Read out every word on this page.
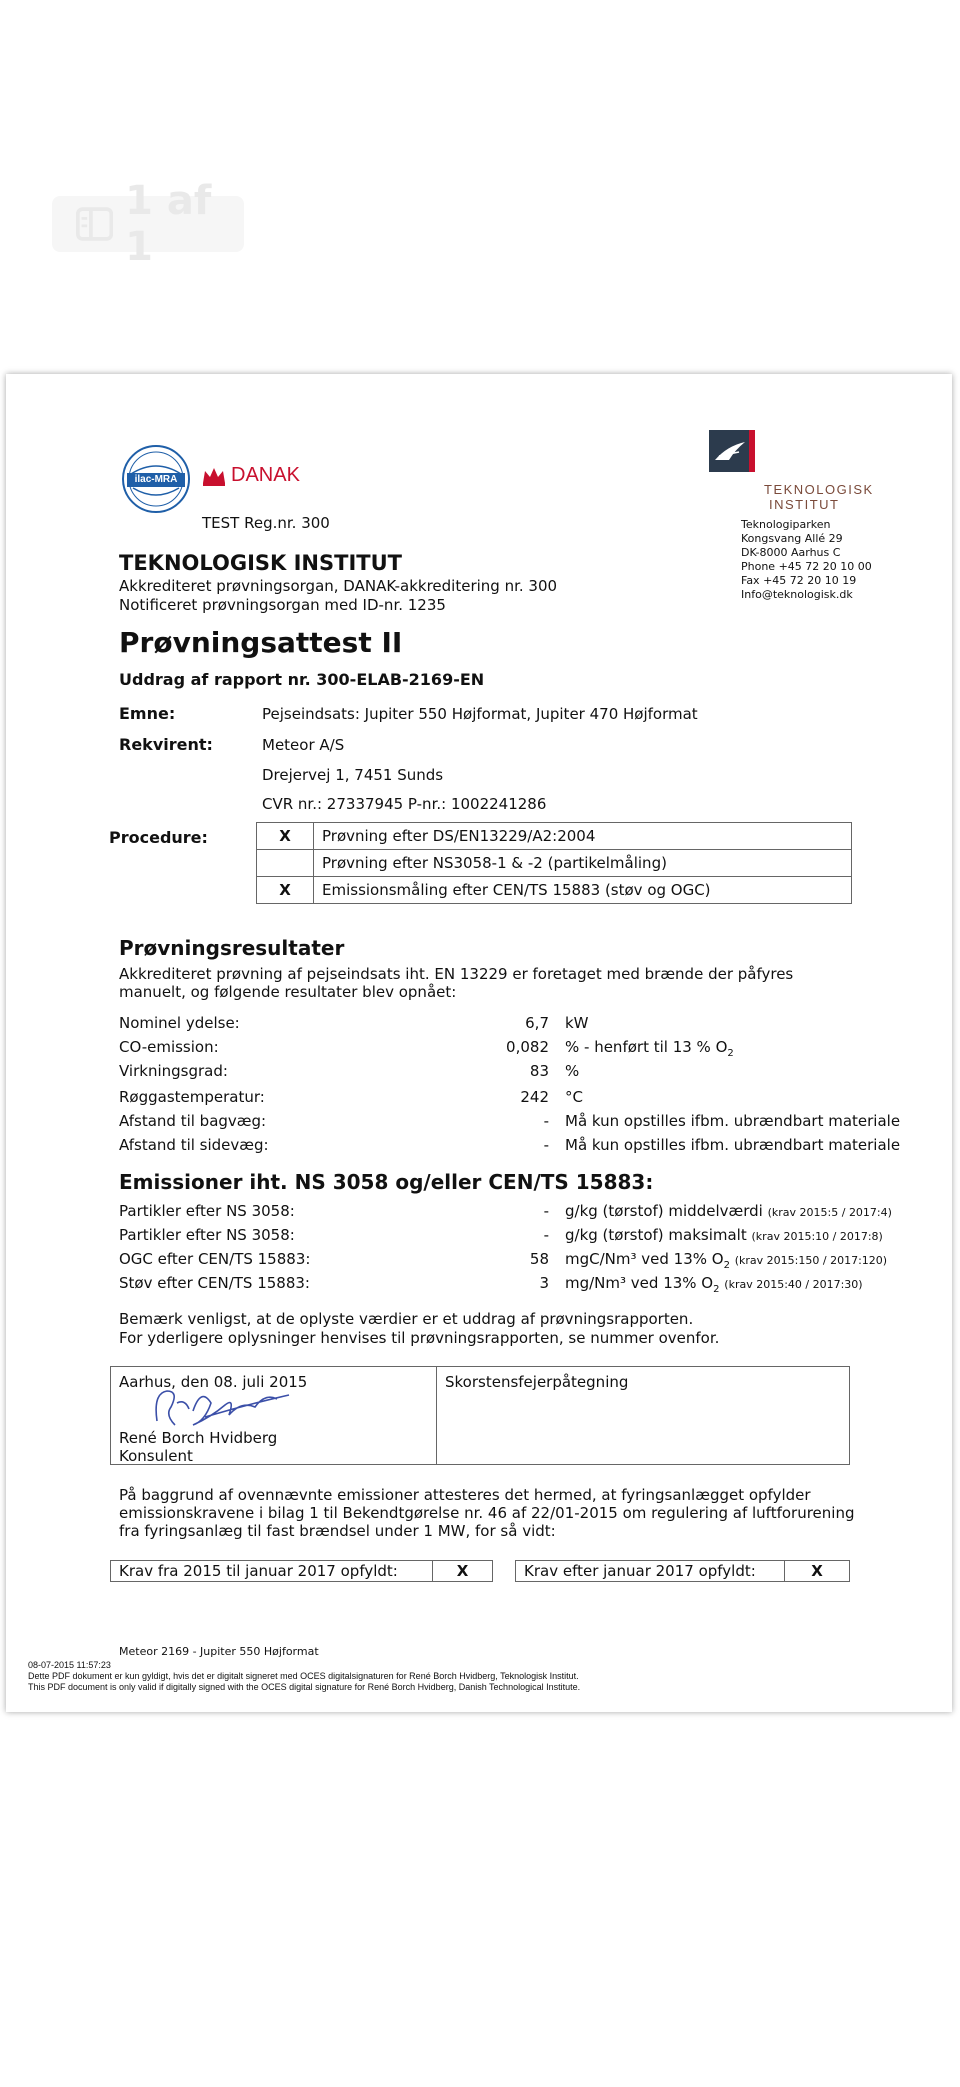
1 af 1
ilac-MRA	DANAK
TEST Reg.nr. 300
TEKNOLOGISK
INSTITUT
Teknologiparken
Kongsvang Allé 29
DK-8000 Aarhus C
Phone +45 72 20 10 00
Fax +45 72 20 10 19
Info@teknologisk.dk
TEKNOLOGISK INSTITUT
Akkrediteret prøvningsorgan, DANAK-akkreditering nr. 300
Notificeret prøvningsorgan med ID-nr. 1235
Prøvningsattest II
Uddrag af rapport nr. 300-ELAB-2169-EN
Emne:	Pejseindsats: Jupiter 550 Højformat, Jupiter 470 Højformat
Rekvirent:	Meteor A/S
Drejervej 1, 7451 Sunds
CVR nr.: 27337945 P-nr.: 1002241286
Procedure:	X	Prøvning efter DS/EN13229/A2:2004
	Prøvning efter NS3058-1 & -2 (partikelmåling)
X	Emissionsmåling efter CEN/TS 15883 (støv og OGC)
Prøvningsresultater
Akkrediteret prøvning af pejseindsats iht. EN 13229 er foretaget med brænde der påfyres manuelt, og følgende resultater blev opnået:
Nominel ydelse:	6,7 kW
CO-emission:	0,082 % - henført til 13 % $O_2$
Virkningsgrad:	83 %
Røggastemperatur:	242 °C
Afstand til bagvæg:	- Må kun opstilles ifbm. ubrændbart materiale
Afstand til sidevæg:	- Må kun opstilles ifbm. ubrændbart materiale
Emissioner iht. NS 3058 og/eller CEN/TS 15883:
Partikler efter NS 3058:	- g/kg (tørstof) middelværdi (krav 2015:5 / 2017:4)
Partikler efter NS 3058:	- g/kg (tørstof) maksimalt (krav 2015:10 / 2017:8)
OGC efter CEN/TS 15883:	58 mgC/Nm³ ved 13% $O_2$ (krav 2015:150 / 2017:120)
Støv efter CEN/TS 15883:	3 mg/Nm³ ved 13% $O_2$ (krav 2015:40 / 2017:30)
Bemærk venligst, at de oplyste værdier er et uddrag af prøvningsrapporten.
For yderligere oplysninger henvises til prøvningsrapporten, se nummer ovenfor.
Aarhus, den 08. juli 2015
René Borch Hvidberg
Konsulent

Skorstensfejerpåtegning
På baggrund af ovennævnte emissioner attesteres det hermed, at fyringsanlægget opfylder emissionskravene i bilag 1 til Bekendtgørelse nr. 46 af 22/01-2015 om regulering af luftforurening fra fyringsanlæg til fast brændsel under 1 MW, for så vidt:
Krav fra 2015 til januar 2017 opfyldt:	X	Krav efter januar 2017 opfyldt:	X
Meteor 2169 - Jupiter 550 Højformat
08-07-2015 11:57:23
Dette PDF dokument er kun gyldigt, hvis det er digitalt signeret med OCES digitalsignaturen for René Borch Hvidberg, Teknologisk Institut.
This PDF document is only valid if digitally signed with the OCES digital signature for René Borch Hvidberg, Danish Technological Institute.
